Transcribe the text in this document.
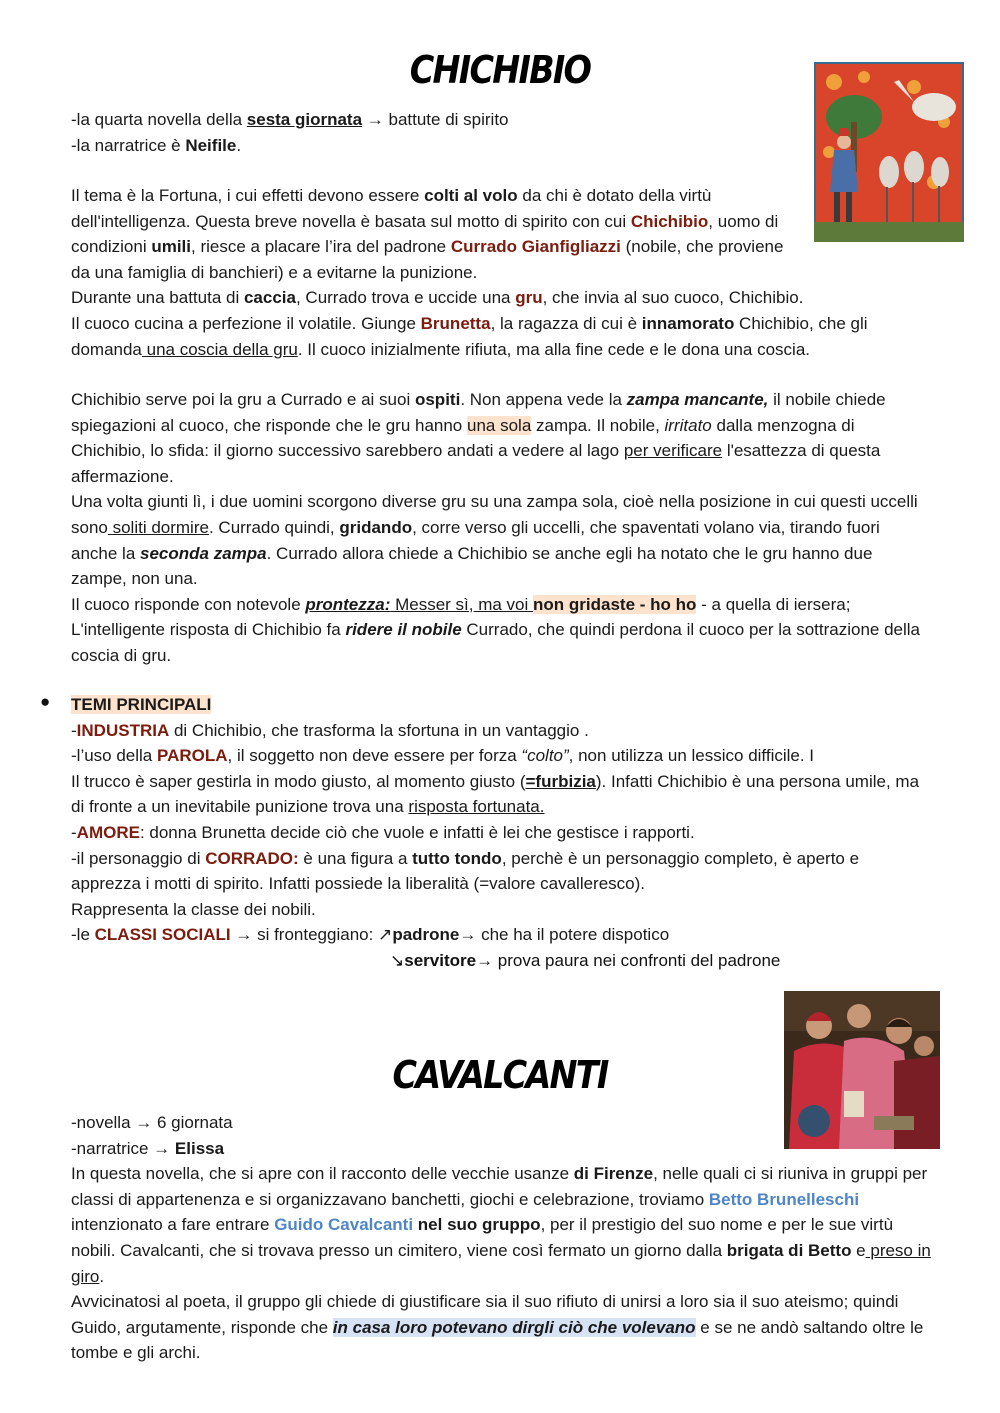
CHICHIBIO

-la quarta novella della sesta giornata → battute di spirito

-la narratrice è Neifile.

Il tema è la Fortuna, i cui effetti devono essere colti al volo da chi è dotato della virtù dell'intelligenza. Questa breve novella è basata sul motto di spirito con cui Chichibio, uomo di condizioni umili, riesce a placare l’ira del padrone Currado Gianfigliazzi (nobile, che proviene da una famiglia di banchieri) e a evitarne la punizione.

Durante una battuta di caccia, Currado trova e uccide una gru, che invia al suo cuoco, Chichibio.

Il cuoco cucina a perfezione il volatile. Giunge Brunetta, la ragazza di cui è innamorato Chichibio, che gli domanda una coscia della gru. Il cuoco inizialmente rifiuta, ma alla fine cede e le dona una coscia.

Chichibio serve poi la gru a Currado e ai suoi ospiti. Non appena vede la zampa mancante, il nobile chiede spiegazioni al cuoco, che risponde che le gru hanno una sola zampa. Il nobile, irritato dalla menzogna di Chichibio, lo sfida: il giorno successivo sarebbero andati a vedere al lago per verificare l'esattezza di questa affermazione.

Una volta giunti lì, i due uomini scorgono diverse gru su una zampa sola, cioè nella posizione in cui questi uccelli sono soliti dormire. Currado quindi, gridando, corre verso gli uccelli, che spaventati volano via, tirando fuori anche la seconda zampa. Currado allora chiede a Chichibio se anche egli ha notato che le gru hanno due zampe, non una.

Il cuoco risponde con notevole prontezza: Messer sì, ma voi non gridaste - ho ho - a quella di iersera;

L'intelligente risposta di Chichibio fa ridere il nobile Currado, che quindi perdona il cuoco per la sottrazione della coscia di gru.

● TEMI PRINCIPALI

-INDUSTRIA di Chichibio, che trasforma la sfortuna in un vantaggio .

-l’uso della PAROLA, il soggetto non deve essere per forza “colto”, non utilizza un lessico difficile. I

Il trucco è saper gestirla in modo giusto, al momento giusto (=furbizia). Infatti Chichibio è una persona umile, ma di fronte a un inevitabile punizione trova una risposta fortunata.

-AMORE: donna Brunetta decide ciò che vuole e infatti è lei che gestisce i rapporti.

-il personaggio di CORRADO: è una figura a tutto tondo, perchè è un personaggio completo, è aperto e apprezza i motti di spirito. Infatti possiede la liberalità (=valore cavalleresco).

Rappresenta la classe dei nobili.

-le CLASSI SOCIALI → si fronteggiano: ↗padrone→ che ha il potere dispotico

↘servitore→ prova paura nei confronti del padrone
CAVALCANTI

-novella → 6 giornata

-narratrice → Elissa

In questa novella, che si apre con il racconto delle vecchie usanze di Firenze, nelle quali ci si riuniva in gruppi per classi di appartenenza e si organizzavano banchetti, giochi e celebrazione, troviamo Betto Brunelleschi intenzionato a fare entrare Guido Cavalcanti nel suo gruppo, per il prestigio del suo nome e per le sue virtù nobili. Cavalcanti, che si trovava presso un cimitero, viene così fermato un giorno dalla brigata di Betto e preso in giro.

Avvicinatosi al poeta, il gruppo gli chiede di giustificare sia il suo rifiuto di unirsi a loro sia il suo ateismo; quindi Guido, argutamente, risponde che in casa loro potevano dirgli ciò che volevano e se ne andò saltando oltre le tombe e gli archi.
